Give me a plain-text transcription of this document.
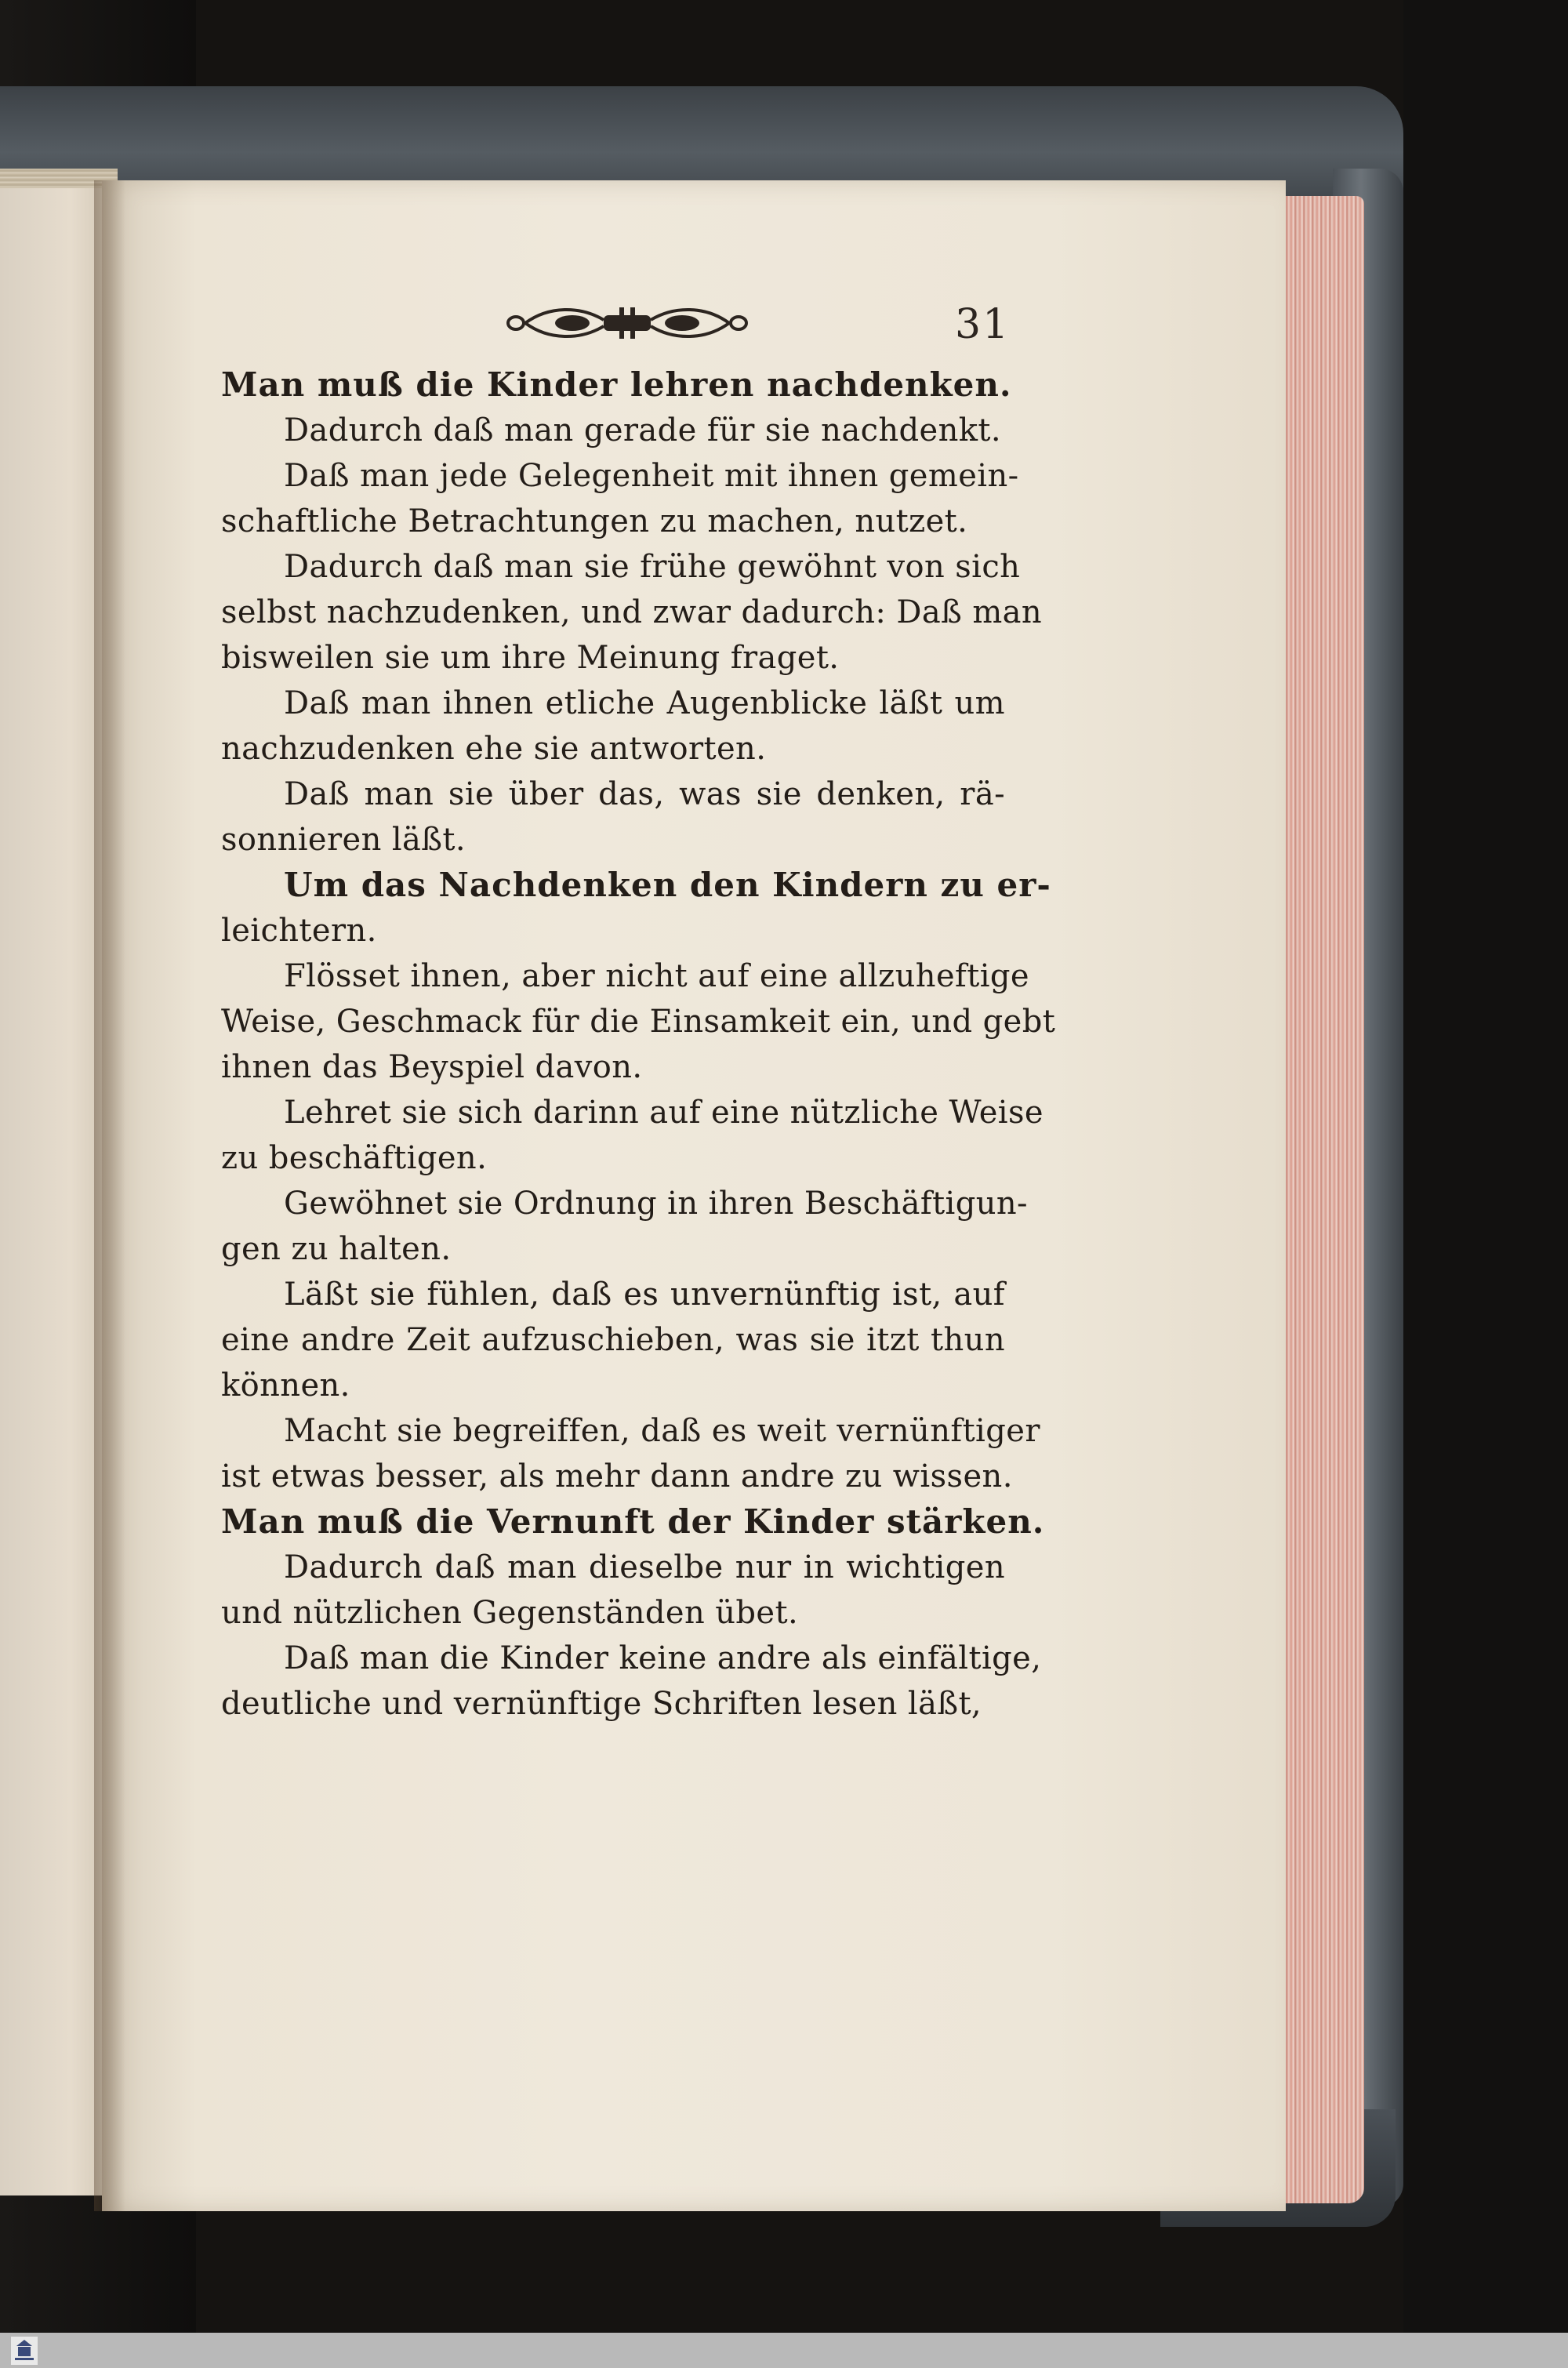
31
Man muß die Kinder lehren nachdenken.
Dadurch daß man gerade für sie nachdenkt.
Daß man jede Gelegenheit mit ihnen gemein-
schaftliche Betrachtungen zu machen, nutzet.
Dadurch daß man sie frühe gewöhnt von sich
selbst nachzudenken, und zwar dadurch: Daß man
bisweilen sie um ihre Meinung fraget.
Daß man ihnen etliche Augenblicke läßt um
nachzudenken ehe sie antworten.
Daß man sie über das, was sie denken, rä-
sonnieren läßt.
Um das Nachdenken den Kindern zu er-
leichtern.
Flösset ihnen, aber nicht auf eine allzuheftige
Weise, Geschmack für die Einsamkeit ein, und gebt
ihnen das Beyspiel davon.
Lehret sie sich darinn auf eine nützliche Weise
zu beschäftigen.
Gewöhnet sie Ordnung in ihren Beschäftigun-
gen zu halten.
Läßt sie fühlen, daß es unvernünftig ist, auf
eine andre Zeit aufzuschieben, was sie itzt thun
können.
Macht sie begreiffen, daß es weit vernünftiger
ist etwas besser, als mehr dann andre zu wissen.
Man muß die Vernunft der Kinder stärken.
Dadurch daß man dieselbe nur in wichtigen
und nützlichen Gegenständen übet.
Daß man die Kinder keine andre als einfältige,
deutliche und vernünftige Schriften lesen läßt,
